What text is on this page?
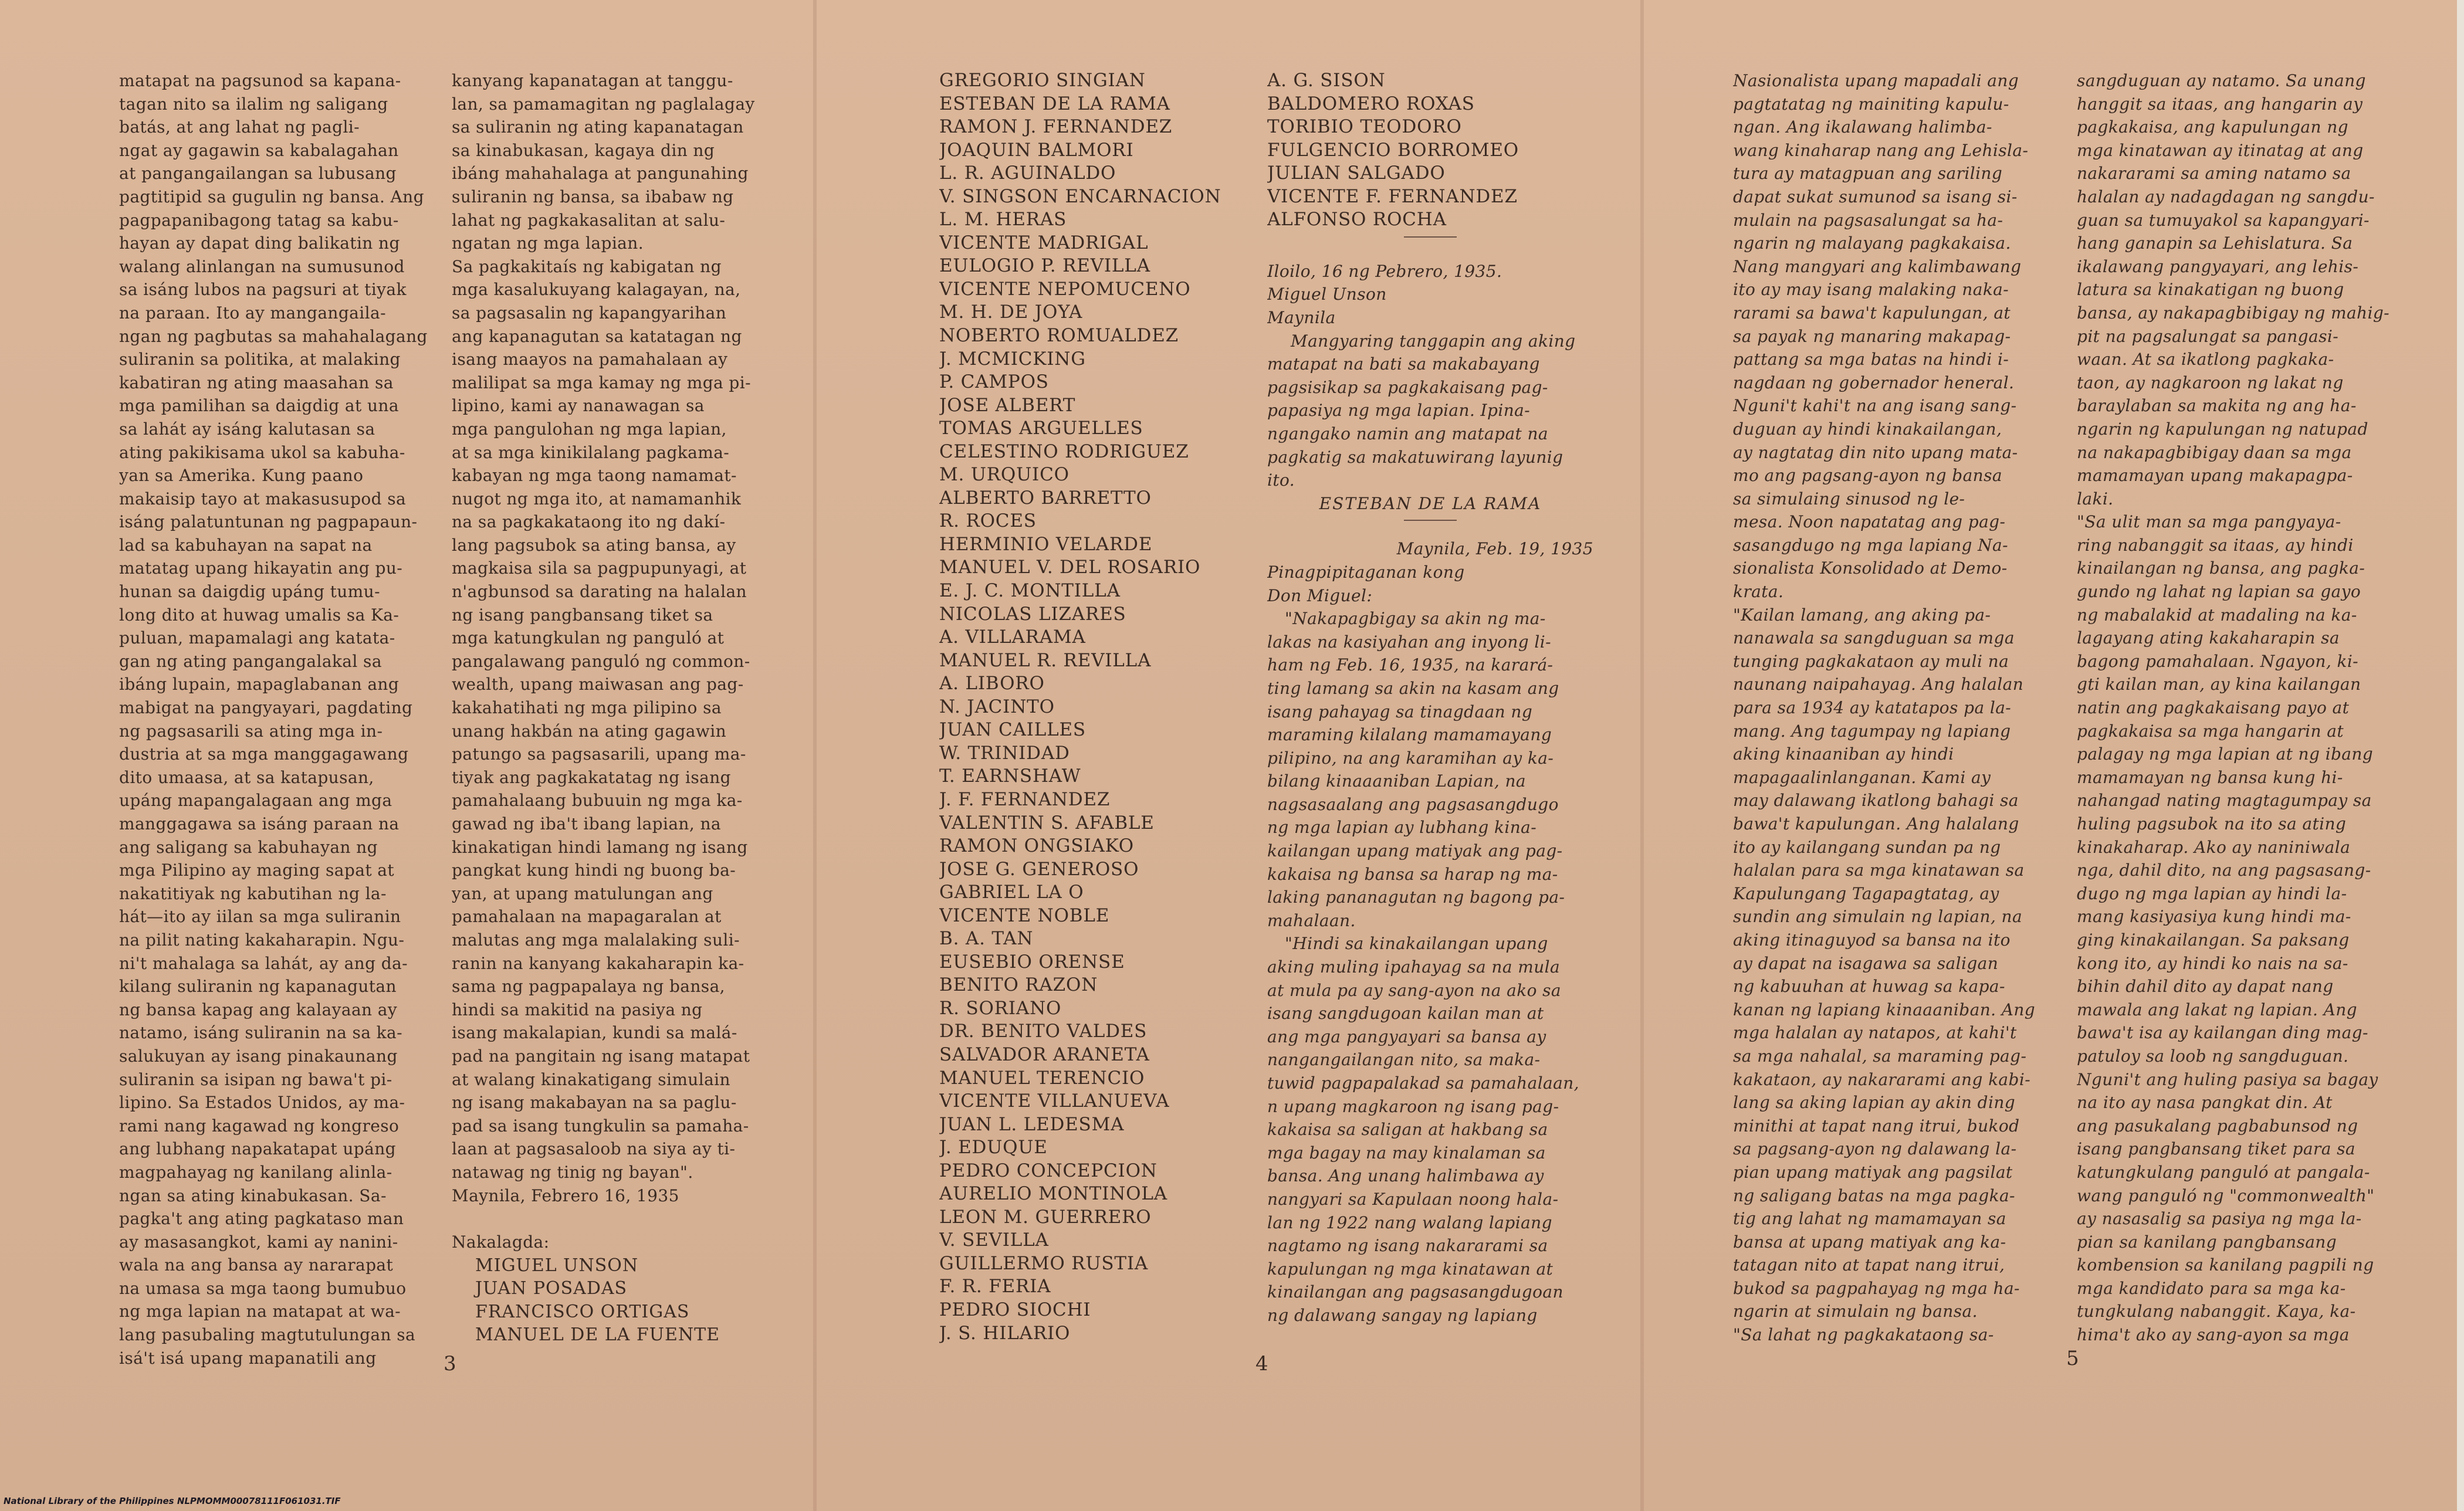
matapat na pagsunod sa kapana-
tagan nito sa ilalim ng saligang
batás, at ang lahat ng pagli-
ngat ay gagawin sa kabalagahan
at pangangailangan sa lubusang
pagtitipid sa gugulin ng bansa. Ang
pagpapanibagong tatag sa kabu-
hayan ay dapat ding balikatin ng
walang alinlangan na sumusunod
sa isáng lubos na pagsuri at tiyak
na paraan. Ito ay mangangaila-
ngan ng pagbutas sa mahahalagang
suliranin sa politika, at malaking
kabatiran ng ating maasahan sa
mga pamilihan sa daigdig at una
sa lahát ay isáng kalutasan sa
ating pakikisama ukol sa kabuha-
yan sa Amerika. Kung paano
makaisip tayo at makasusupod sa
isáng palatuntunan ng pagpapaun-
lad sa kabuhayan na sapat na
matatag upang hikayatin ang pu-
hunan sa daigdig upáng tumu-
long dito at huwag umalis sa Ka-
puluan, mapamalagi ang katata-
gan ng ating pangangalakal sa
ibáng lupain, mapaglabanan ang
mabigat na pangyayari, pagdating
ng pagsasarili sa ating mga in-
dustria at sa mga manggagawang
dito umaasa, at sa katapusan,
upáng mapangalagaan ang mga
manggagawa sa isáng paraan na
ang saligang sa kabuhayan ng
mga Pilipino ay maging sapat at
nakatitiyak ng kabutihan ng la-
hát—ito ay iilan sa mga suliranin
na pilit nating kakaharapin. Ngu-
ni't mahalaga sa lahát, ay ang da-
kilang suliranin ng kapanagutan
ng bansa kapag ang kalayaan ay
natamo, isáng suliranin na sa ka-
salukuyan ay isang pinakaunang
suliranin sa isipan ng bawa't pi-
lipino. Sa Estados Unidos, ay ma-
rami nang kagawad ng kongreso
ang lubhang napakatapat upáng
magpahayag ng kanilang alinla-
ngan sa ating kinabukasan. Sa-
pagka't ang ating pagkataso man
ay masasangkot, kami ay nanini-
wala na ang bansa ay nararapat
na umasa sa mga taong bumubuo
ng mga lapian na matapat at wa-
lang pasubaling magtutulungan sa
isá't isá upang mapanatili ang
kanyang kapanatagan at tanggu-
lan, sa pamamagitan ng paglalagay
sa suliranin ng ating kapanatagan
sa kinabukasan, kagaya din ng
ibáng mahahalaga at pangunahing
suliranin ng bansa, sa ibabaw ng
lahat ng pagkakasalitan at salu-
ngatan ng mga lapian.
Sa pagkakitaís ng kabigatan ng
mga kasalukuyang kalagayan, na,
sa pagsasalin ng kapangyarihan
ang kapanagutan sa katatagan ng
isang maayos na pamahalaan ay
malilipat sa mga kamay ng mga pi-
lipino, kami ay nanawagan sa
mga pangulohan ng mga lapian,
at sa mga kinikilalang pagkama-
kabayan ng mga taong namamat-
nugot ng mga ito, at namamanhik
na sa pagkakataong ito ng dakí-
lang pagsubok sa ating bansa, ay
magkaisa sila sa pagpupunyagi, at
n'agbunsod sa darating na halalan
ng isang pangbansang tiket sa
mga katungkulan ng panguló at
pangalawang panguló ng common-
wealth, upang maiwasan ang pag-
kakahatihati ng mga pilipino sa
unang hakbán na ating gagawin
patungo sa pagsasarili, upang ma-
tiyak ang pagkakatatag ng isang
pamahalaang bubuuin ng mga ka-
gawad ng iba't ibang lapian, na
kinakatigan hindi lamang ng isang
pangkat kung hindi ng buong ba-
yan, at upang matulungan ang
pamahalaan na mapagaralan at
malutas ang mga malalaking suli-
ranin na kanyang kakaharapin ka-
sama ng pagpapalaya ng bansa,
hindi sa makitid na pasiya ng
isang makalapian, kundi sa malá-
pad na pangitain ng isang matapat
at walang kinakatigang simulain
ng isang makabayan na sa paglu-
pad sa isang tungkulin sa pamaha-
laan at pagsasaloob na siya ay ti-
natawag ng tinig ng bayan".
Maynila, Febrero 16, 1935
Nakalagda:
MIGUEL UNSON
JUAN POSADAS
FRANCISCO ORTIGAS
MANUEL DE LA FUENTE
3
GREGORIO SINGIAN
ESTEBAN DE LA RAMA
RAMON J. FERNANDEZ
JOAQUIN BALMORI
L. R. AGUINALDO
V. SINGSON ENCARNACION
L. M. HERAS
VICENTE MADRIGAL
EULOGIO P. REVILLA
VICENTE NEPOMUCENO
M. H. DE JOYA
NOBERTO ROMUALDEZ
J. MCMICKING
P. CAMPOS
JOSE ALBERT
TOMAS ARGUELLES
CELESTINO RODRIGUEZ
M. URQUICO
ALBERTO BARRETTO
R. ROCES
HERMINIO VELARDE
MANUEL V. DEL ROSARIO
E. J. C. MONTILLA
NICOLAS LIZARES
A. VILLARAMA
MANUEL R. REVILLA
A. LIBORO
N. JACINTO
JUAN CAILLES
W. TRINIDAD
T. EARNSHAW
J. F. FERNANDEZ
VALENTIN S. AFABLE
RAMON ONGSIAKO
JOSE G. GENEROSO
GABRIEL LA O
VICENTE NOBLE
B. A. TAN
EUSEBIO ORENSE
BENITO RAZON
R. SORIANO
DR. BENITO VALDES
SALVADOR ARANETA
MANUEL TERENCIO
VICENTE VILLANUEVA
JUAN L. LEDESMA
J. EDUQUE
PEDRO CONCEPCION
AURELIO MONTINOLA
LEON M. GUERRERO
V. SEVILLA
GUILLERMO RUSTIA
F. R. FERIA
PEDRO SIOCHI
J. S. HILARIO
A. G. SISON
BALDOMERO ROXAS
TORIBIO TEODORO
FULGENCIO BORROMEO
JULIAN SALGADO
VICENTE F. FERNANDEZ
ALFONSO ROCHA
Iloilo, 16 ng Pebrero, 1935.
Miguel Unson
Maynila
Mangyaring tanggapin ang aking
matapat na bati sa makabayang
pagsisikap sa pagkakaisang pag-
papasiya ng mga lapian. Ipina-
ngangako namin ang matapat na
pagkatig sa makatuwirang layunig
ito.
ESTEBAN DE LA RAMA
Maynila, Feb. 19, 1935
Pinagpipitaganan kong
Don Miguel:
"Nakapagbigay sa akin ng ma-
lakas na kasiyahan ang inyong li-
ham ng Feb. 16, 1935, na karará-
ting lamang sa akin na kasam ang
isang pahayag sa tinagdaan ng
maraming kilalang mamamayang
pilipino, na ang karamihan ay ka-
bilang kinaaaniban Lapian, na
nagsasaalang ang pagsasangdugo
ng mga lapian ay lubhang kina-
kailangan upang matiyak ang pag-
kakaisa ng bansa sa harap ng ma-
laking pananagutan ng bagong pa-
mahalaan.
"Hindi sa kinakailangan upang
aking muling ipahayag sa na mula
at mula pa ay sang-ayon na ako sa
isang sangdugoan kailan man at
ang mga pangyayari sa bansa ay
nangangailangan nito, sa maka-
tuwid pagpapalakad sa pamahalaan,
n upang magkaroon ng isang pag-
kakaisa sa saligan at hakbang sa
mga bagay na may kinalaman sa
bansa. Ang unang halimbawa ay
nangyari sa Kapulaan noong hala-
lan ng 1922 nang walang lapiang
nagtamo ng isang nakararami sa
kapulungan ng mga kinatawan at
kinailangan ang pagsasangdugoan
ng dalawang sangay ng lapiang
4
Nasionalista upang mapadali ang
pagtatatag ng mainiting kapulu-
ngan. Ang ikalawang halimba-
wang kinaharap nang ang Lehisla-
tura ay matagpuan ang sariling
dapat sukat sumunod sa isang si-
mulain na pagsasalungat sa ha-
ngarin ng malayang pagkakaisa.
Nang mangyari ang kalimbawang
ito ay may isang malaking naka-
rarami sa bawa't kapulungan, at
sa payak ng manaring makapag-
pattang sa mga batas na hindi i-
nagdaan ng gobernador heneral.
Nguni't kahi't na ang isang sang-
duguan ay hindi kinakailangan,
ay nagtatag din nito upang mata-
mo ang pagsang-ayon ng bansa
sa simulaing sinusod ng le-
mesa. Noon napatatag ang pag-
sasangdugo ng mga lapiang Na-
sionalista Konsolidado at Demo-
krata.
"Kailan lamang, ang aking pa-
nanawala sa sangduguan sa mga
tunging pagkakataon ay muli na
naunang naipahayag. Ang halalan
para sa 1934 ay katatapos pa la-
mang. Ang tagumpay ng lapiang
aking kinaaniban ay hindi
mapagaalinlanganan. Kami ay
may dalawang ikatlong bahagi sa
bawa't kapulungan. Ang halalang
ito ay kailangang sundan pa ng
halalan para sa mga kinatawan sa
Kapulungang Tagapagtatag, ay
sundin ang simulain ng lapian, na
aking itinaguyod sa bansa na ito
ay dapat na isagawa sa saligan
ng kabuuhan at huwag sa kapa-
kanan ng lapiang kinaaaniban. Ang
mga halalan ay natapos, at kahi't
sa mga nahalal, sa maraming pag-
kakataon, ay nakararami ang kabi-
lang sa aking lapian ay akin ding
minithi at tapat nang itrui, bukod
sa pagsang-ayon ng dalawang la-
pian upang matiyak ang pagsilat
ng saligang batas na mga pagka-
tig ang lahat ng mamamayan sa
bansa at upang matiyak ang ka-
tatagan nito at tapat nang itrui,
bukod sa pagpahayag ng mga ha-
ngarin at simulain ng bansa.
"Sa lahat ng pagkakataong sa-
sangduguan ay natamo. Sa unang
hanggit sa itaas, ang hangarin ay
pagkakaisa, ang kapulungan ng
mga kinatawan ay itinatag at ang
nakararami sa aming natamo sa
halalan ay nadagdagan ng sangdu-
guan sa tumuyakol sa kapangyari-
hang ganapin sa Lehislatura. Sa
ikalawang pangyayari, ang lehis-
latura sa kinakatigan ng buong
bansa, ay nakapagbibigay ng mahig-
pit na pagsalungat sa pangasi-
waan. At sa ikatlong pagkaka-
taon, ay nagkaroon ng lakat ng
baraylaban sa makita ng ang ha-
ngarin ng kapulungan ng natupad
na nakapagbibigay daan sa mga
mamamayan upang makapagpa-
laki.
"Sa ulit man sa mga pangyaya-
ring nabanggit sa itaas, ay hindi
kinailangan ng bansa, ang pagka-
gundo ng lahat ng lapian sa gayo
ng mabalakid at madaling na ka-
lagayang ating kakaharapin sa
bagong pamahalaan. Ngayon, ki-
gti kailan man, ay kina kailangan
natin ang pagkakaisang payo at
pagkakaisa sa mga hangarin at
palagay ng mga lapian at ng ibang
mamamayan ng bansa kung hi-
nahangad nating magtagumpay sa
huling pagsubok na ito sa ating
kinakaharap. Ako ay naniniwala
nga, dahil dito, na ang pagsasang-
dugo ng mga lapian ay hindi la-
mang kasiyasiya kung hindi ma-
ging kinakailangan. Sa paksang
kong ito, ay hindi ko nais na sa-
bihin dahil dito ay dapat nang
mawala ang lakat ng lapian. Ang
bawa't isa ay kailangan ding mag-
patuloy sa loob ng sangduguan.
Nguni't ang huling pasiya sa bagay
na ito ay nasa pangkat din. At
ang pasukalang pagbabunsod ng
isang pangbansang tiket para sa
katungkulang panguló at pangala-
wang panguló ng "commonwealth"
ay nasasalig sa pasiya ng mga la-
pian sa kanilang pangbansang
kombension sa kanilang pagpili ng
mga kandidato para sa mga ka-
tungkulang nabanggit. Kaya, ka-
hima't ako ay sang-ayon sa mga
5
National Library of the Philippines NLPMOMM00078111F061031.TIF
